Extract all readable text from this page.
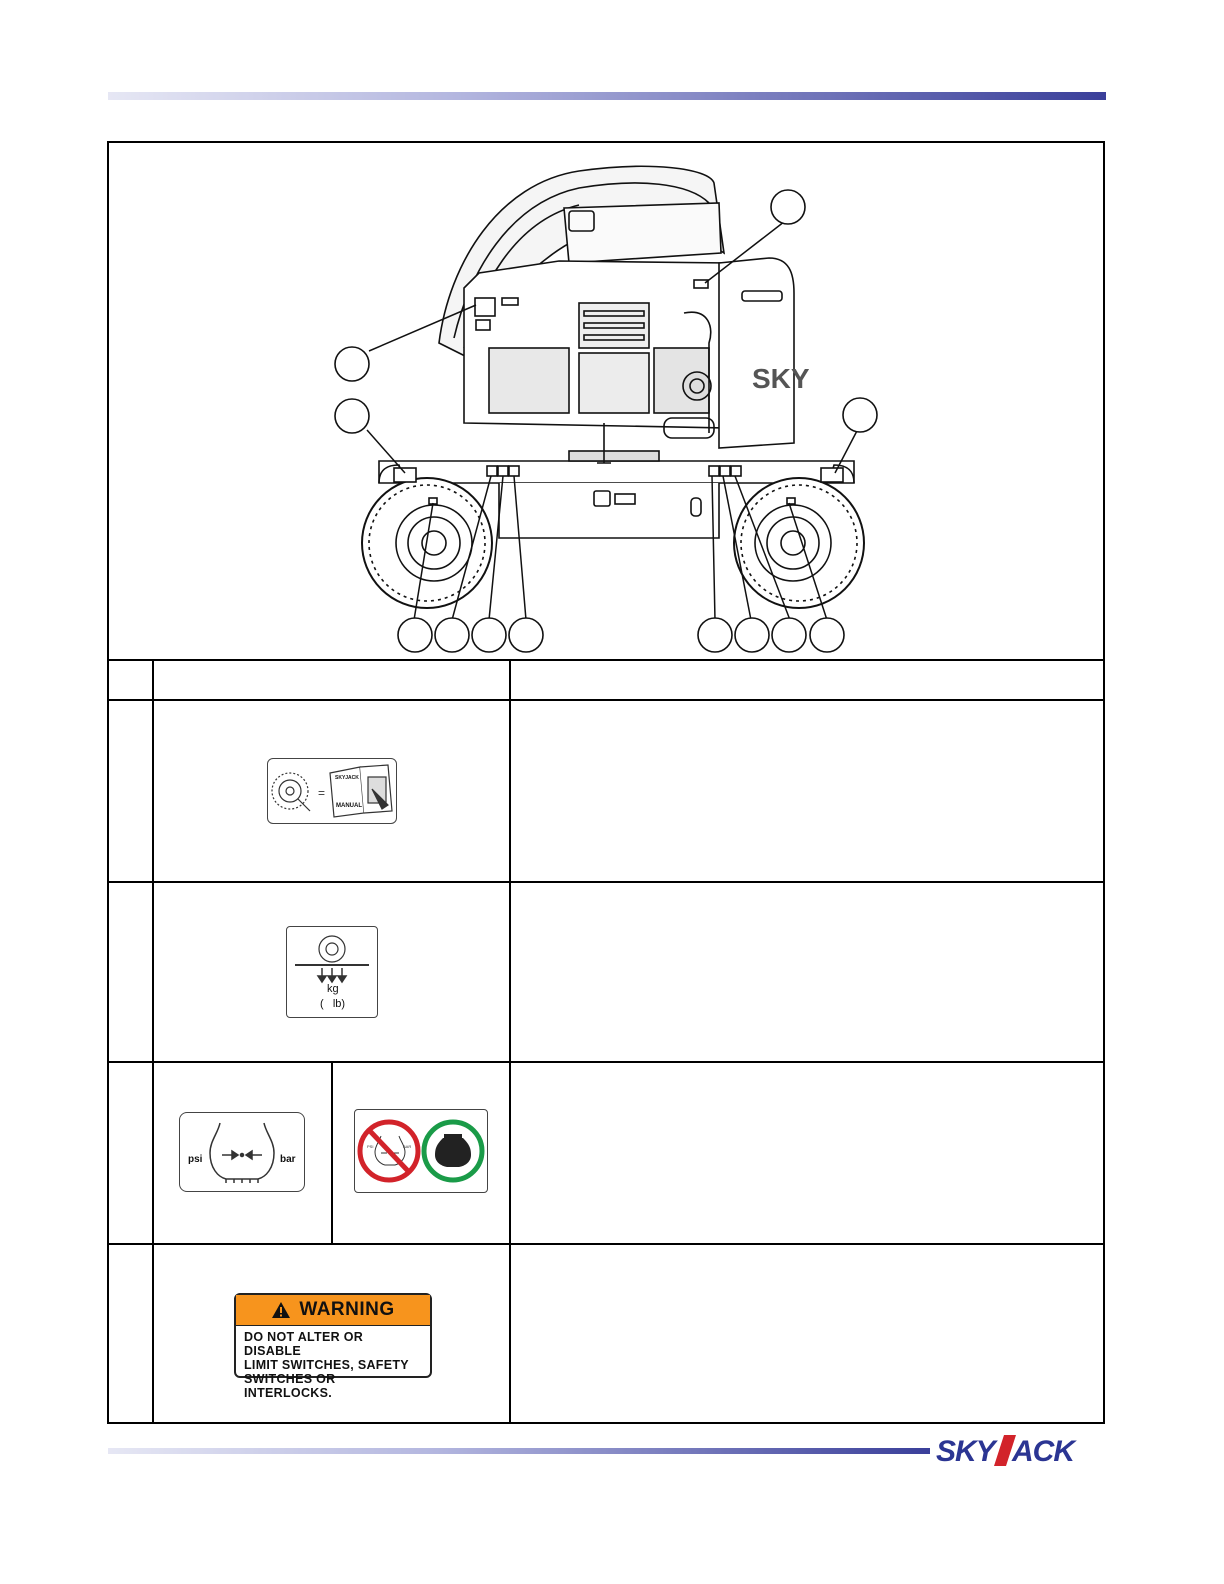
SKY
=
MANUAL
SKYJACK
kg
(   lb)
psi	bar
PSI	BAR
WARNING
DO NOT ALTER OR DISABLE
LIMIT SWITCHES, SAFETY
SWITCHES OR INTERLOCKS.
SKY ACK
